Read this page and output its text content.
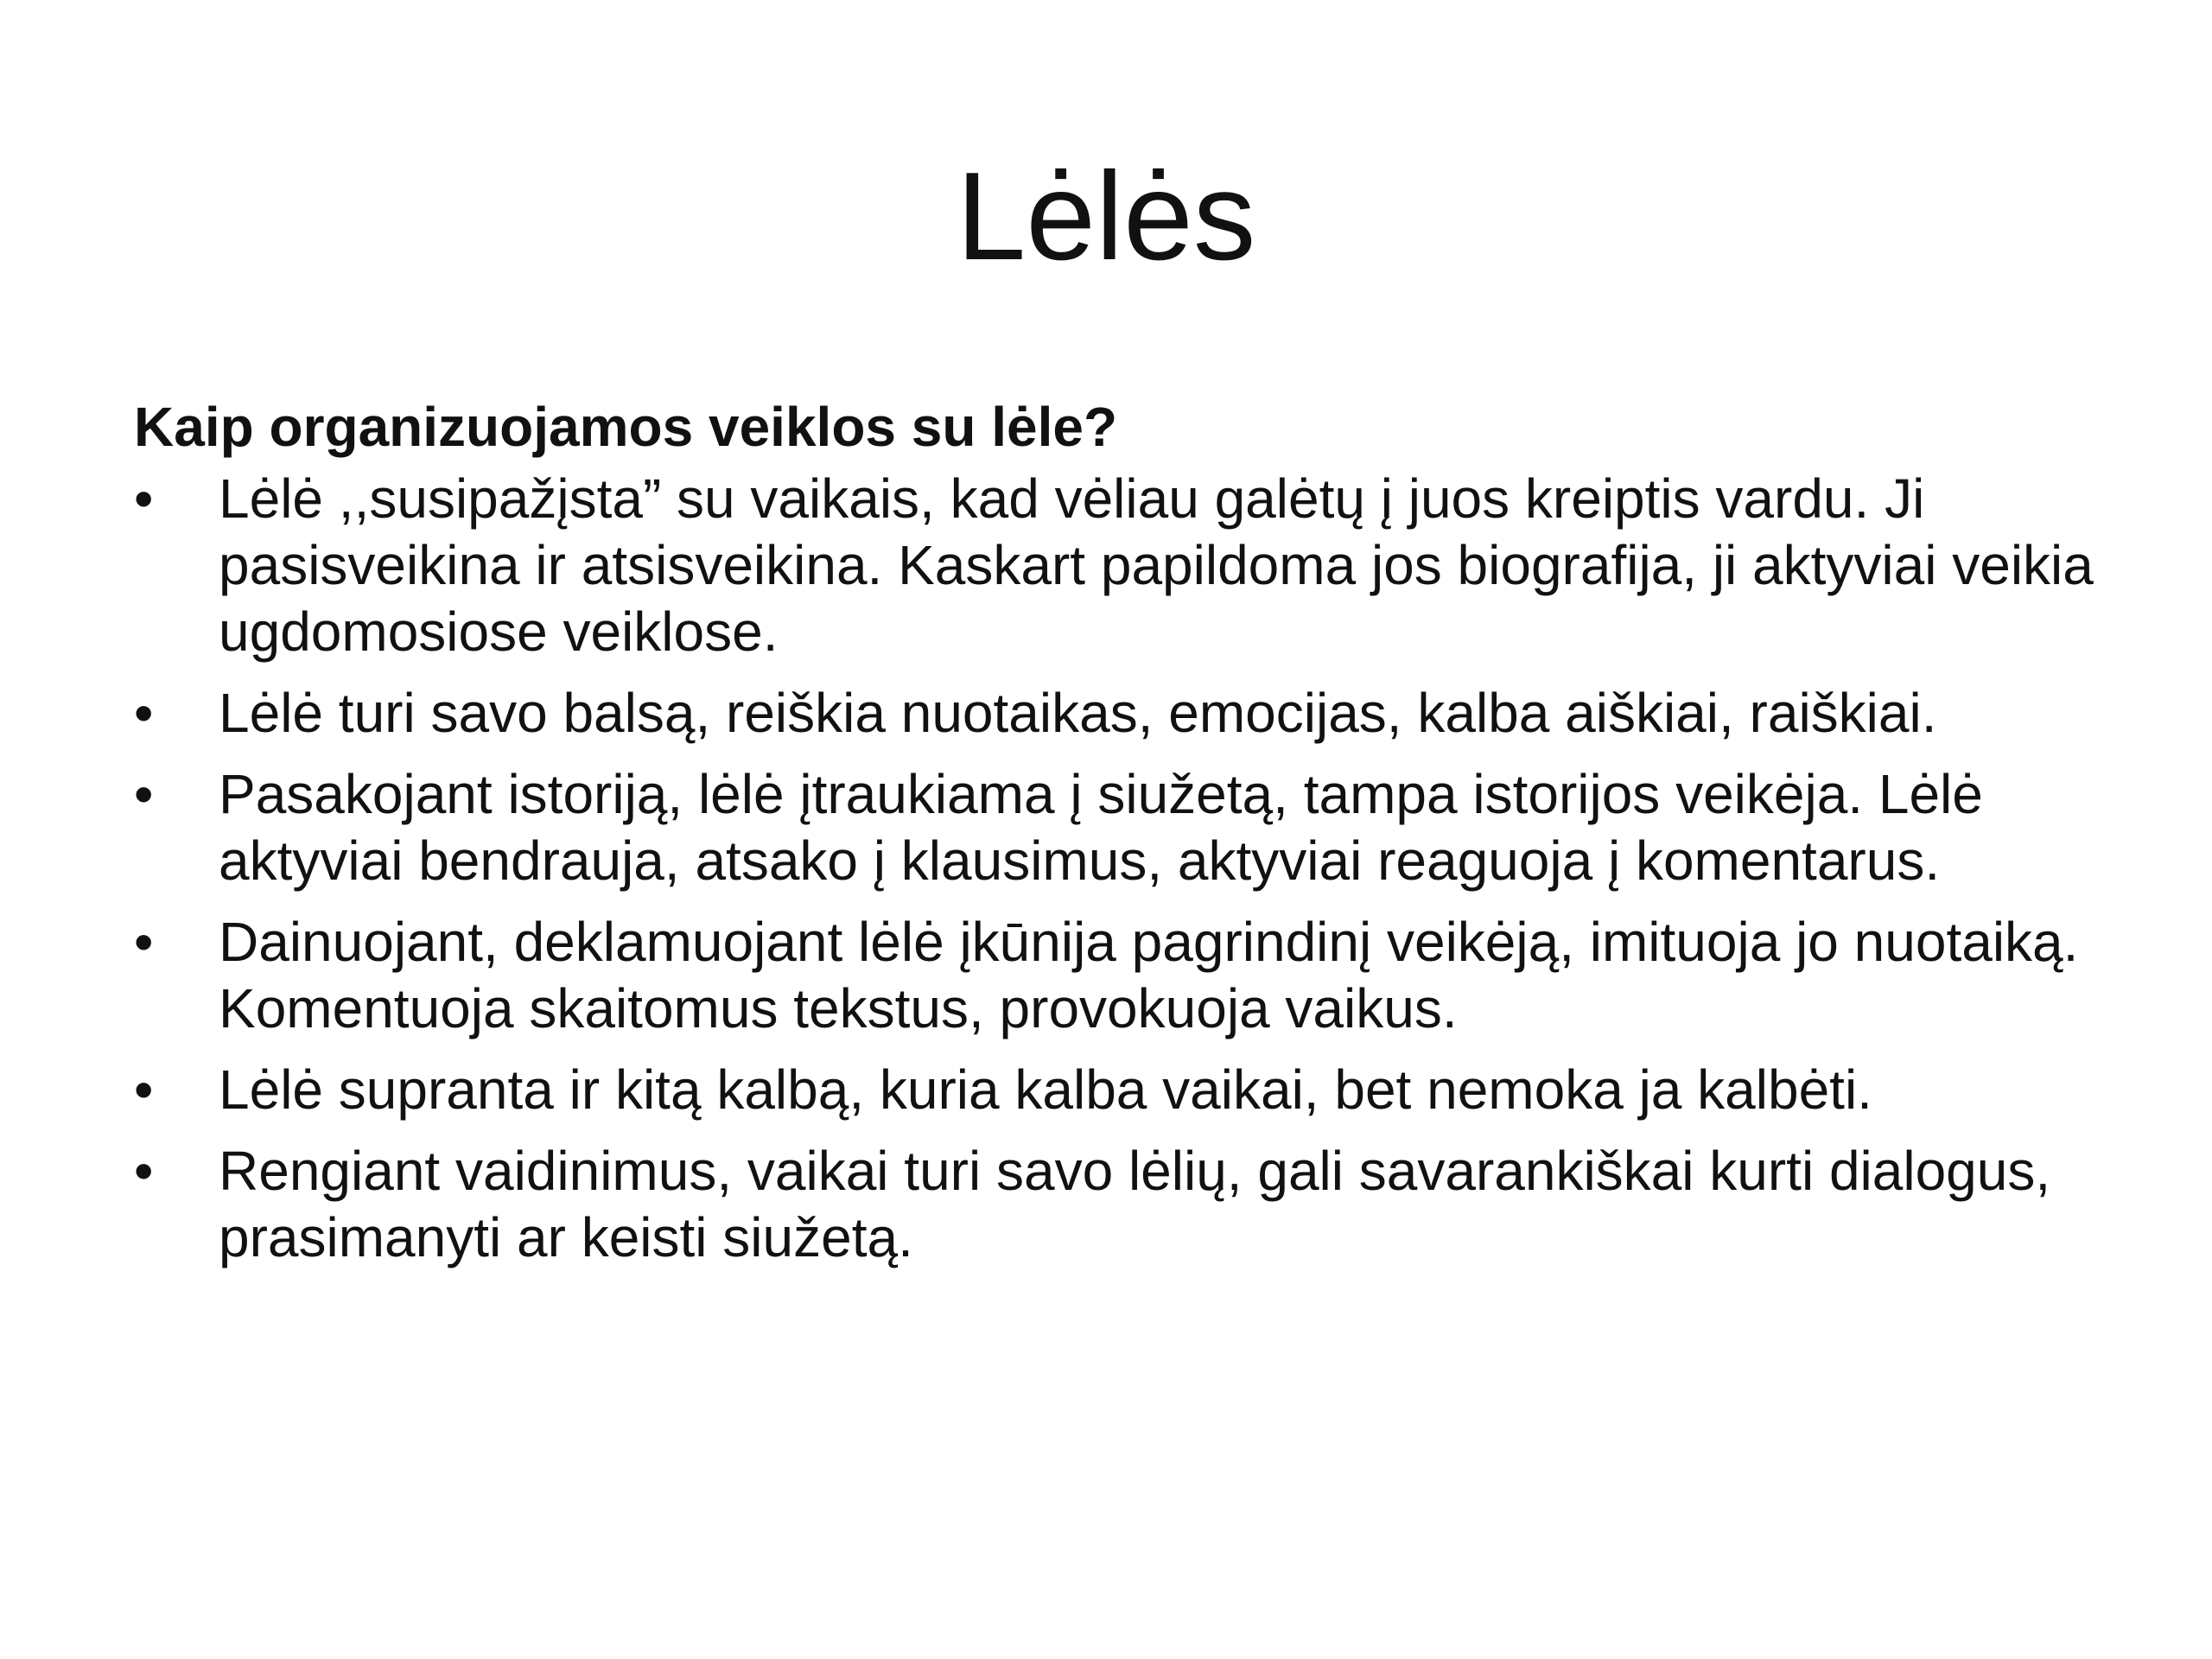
Lėlės

Kaip organizuojamos veiklos su lėle?

•	Lėlė ,,susipažįsta” su vaikais, kad vėliau galėtų į juos kreiptis vardu. Ji pasisveikina ir atsisveikina. Kaskart papildoma jos biografija, ji aktyviai veikia ugdomosiose veiklose.
•	Lėlė turi savo balsą, reiškia nuotaikas, emocijas, kalba aiškiai, raiškiai.
•	Pasakojant istoriją, lėlė įtraukiama į siužetą, tampa istorijos veikėja. Lėlė aktyviai bendrauja, atsako į klausimus, aktyviai reaguoja į komentarus.
•	Dainuojant, deklamuojant lėlė įkūnija pagrindinį veikėją, imituoja jo nuotaiką. Komentuoja skaitomus tekstus, provokuoja vaikus.
•	Lėlė supranta ir kitą kalbą, kuria kalba vaikai, bet nemoka ja kalbėti.
•	Rengiant vaidinimus, vaikai turi savo lėlių, gali savarankiškai kurti dialogus, prasimanyti ar keisti siužetą.
